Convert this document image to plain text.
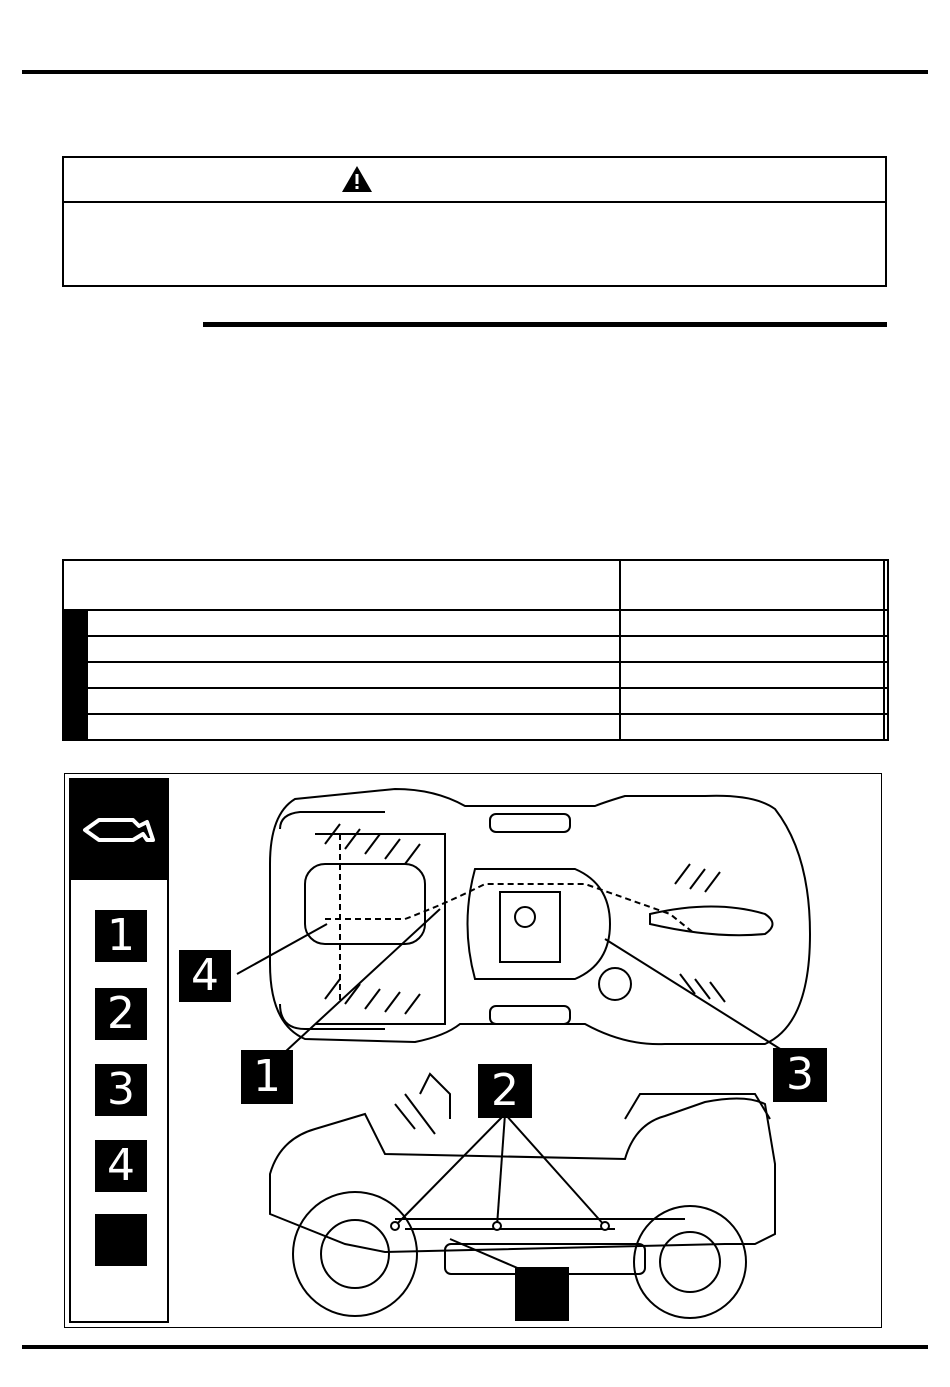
1
2
3
4
4
1	3
2
